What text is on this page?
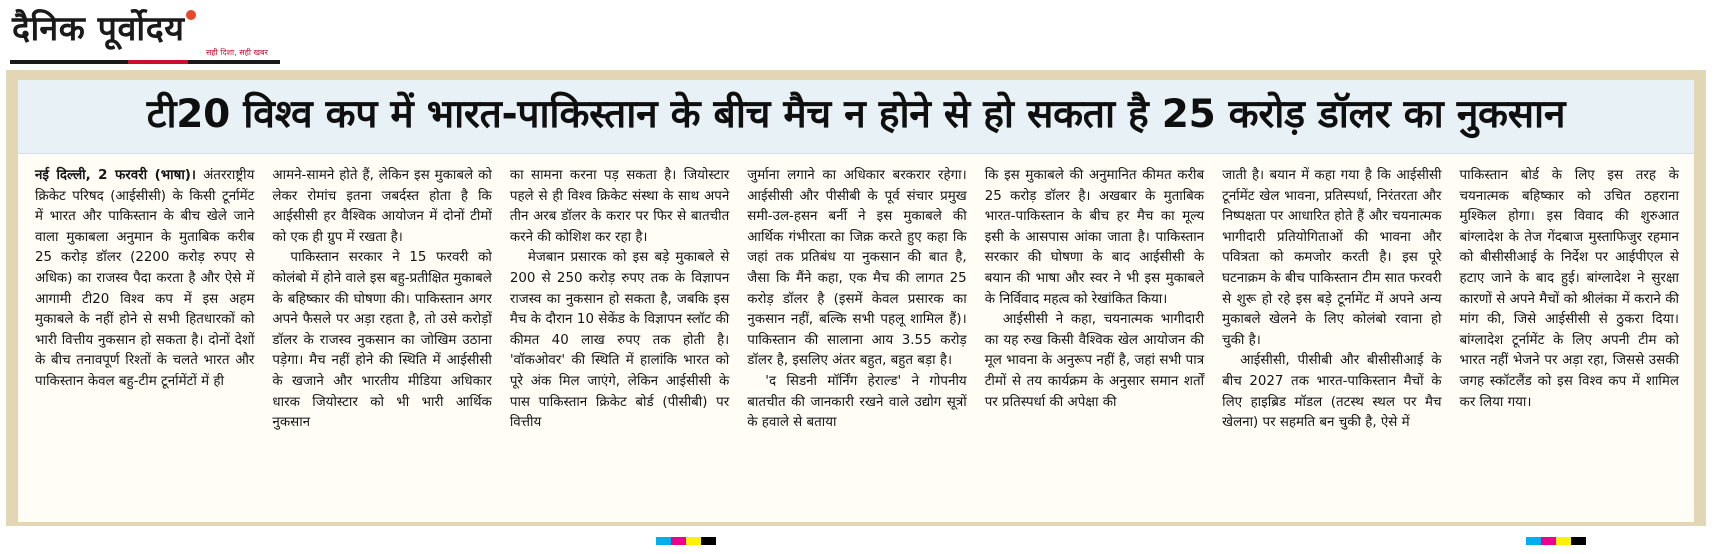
दैनिक पूर्वोदय
सही दिशा, सही खबर
टी20 विश्व कप में भारत-पाकिस्तान के बीच मैच न होने से हो सकता है 25 करोड़ डॉलर का नुकसान
नई दिल्ली, 2 फरवरी (भाषा)। अंतरराष्ट्रीय क्रिकेट परिषद (आईसीसी) के किसी टूर्नामेंट में भारत और पाकिस्तान के बीच खेले जाने वाला मुकाबला अनुमान के मुताबिक करीब 25 करोड़ डॉलर (2200 करोड़ रुपए से अधिक) का राजस्व पैदा करता है और ऐसे में आगामी टी20 विश्व कप में इस अहम मुकाबले के नहीं होने से सभी हितधारकों को भारी वित्तीय नुकसान हो सकता है। दोनों देशों के बीच तनावपूर्ण रिश्तों के चलते भारत और पाकिस्तान केवल बहु-टीम टूर्नामेंटों में ही
आमने-सामने होते हैं, लेकिन इस मुकाबले को लेकर रोमांच इतना जबर्दस्त होता है कि आईसीसी हर वैश्विक आयोजन में दोनों टीमों को एक ही ग्रुप में रखता है।
पाकिस्तान सरकार ने 15 फरवरी को कोलंबो में होने वाले इस बहु-प्रतीक्षित मुकाबले के बहिष्कार की घोषणा की। पाकिस्तान अगर अपने फैसले पर अड़ा रहता है, तो उसे करोड़ों डॉलर के राजस्व नुकसान का जोखिम उठाना पड़ेगा। मैच नहीं होने की स्थिति में आईसीसी के खजाने और भारतीय मीडिया अधिकार धारक जियोस्टार को भी भारी आर्थिक नुकसान
का सामना करना पड़ सकता है। जियोस्टार पहले से ही विश्व क्रिकेट संस्था के साथ अपने तीन अरब डॉलर के करार पर फिर से बातचीत करने की कोशिश कर रहा है।
मेजबान प्रसारक को इस बड़े मुकाबले से 200 से 250 करोड़ रुपए तक के विज्ञापन राजस्व का नुकसान हो सकता है, जबकि इस मैच के दौरान 10 सेकेंड के विज्ञापन स्लॉट की कीमत 40 लाख रुपए तक होती है। 'वॉकओवर' की स्थिति में हालांकि भारत को पूरे अंक मिल जाएंगे, लेकिन आईसीसी के पास पाकिस्तान क्रिकेट बोर्ड (पीसीबी) पर वित्तीय
जुर्माना लगाने का अधिकार बरकरार रहेगा। आईसीसी और पीसीबी के पूर्व संचार प्रमुख समी-उल-हसन बर्नी ने इस मुकाबले की आर्थिक गंभीरता का जिक्र करते हुए कहा कि जहां तक प्रतिबंध या नुकसान की बात है, जैसा कि मैंने कहा, एक मैच की लागत 25 करोड़ डॉलर है (इसमें केवल प्रसारक का नुकसान नहीं, बल्कि सभी पहलू शामिल हैं)। पाकिस्तान की सालाना आय 3.55 करोड़ डॉलर है, इसलिए अंतर बहुत, बहुत बड़ा है।
'द सिडनी मॉर्निंग हेराल्ड' ने गोपनीय बातचीत की जानकारी रखने वाले उद्योग सूत्रों के हवाले से बताया
कि इस मुकाबले की अनुमानित कीमत करीब 25 करोड़ डॉलर है। अखबार के मुताबिक भारत-पाकिस्तान के बीच हर मैच का मूल्य इसी के आसपास आंका जाता है। पाकिस्तान सरकार की घोषणा के बाद आईसीसी के बयान की भाषा और स्वर ने भी इस मुकाबले के निर्विवाद महत्व को रेखांकित किया।
आईसीसी ने कहा, चयनात्मक भागीदारी का यह रुख किसी वैश्विक खेल आयोजन की मूल भावना के अनुरूप नहीं है, जहां सभी पात्र टीमों से तय कार्यक्रम के अनुसार समान शर्तों पर प्रतिस्पर्धा की अपेक्षा की
जाती है। बयान में कहा गया है कि आईसीसी टूर्नामेंट खेल भावना, प्रतिस्पर्धा, निरंतरता और निष्पक्षता पर आधारित होते हैं और चयनात्मक भागीदारी प्रतियोगिताओं की भावना और पवित्रता को कमजोर करती है। इस पूरे घटनाक्रम के बीच पाकिस्तान टीम सात फरवरी से शुरू हो रहे इस बड़े टूर्नामेंट में अपने अन्य मुकाबले खेलने के लिए कोलंबो रवाना हो चुकी है।
आईसीसी, पीसीबी और बीसीसीआई के बीच 2027 तक भारत-पाकिस्तान मैचों के लिए हाइब्रिड मॉडल (तटस्थ स्थल पर मैच खेलना) पर सहमति बन चुकी है, ऐसे में
पाकिस्तान बोर्ड के लिए इस तरह के चयनात्मक बहिष्कार को उचित ठहराना मुश्किल होगा। इस विवाद की शुरुआत बांग्लादेश के तेज गेंदबाज मुस्ताफिजुर रहमान को बीसीसीआई के निर्देश पर आईपीएल से हटाए जाने के बाद हुई। बांग्लादेश ने सुरक्षा कारणों से अपने मैचों को श्रीलंका में कराने की मांग की, जिसे आईसीसी से ठुकरा दिया। बांग्लादेश टूर्नामेंट के लिए अपनी टीम को भारत नहीं भेजने पर अड़ा रहा, जिससे उसकी जगह स्कॉटलैंड को इस विश्व कप में शामिल कर लिया गया।
